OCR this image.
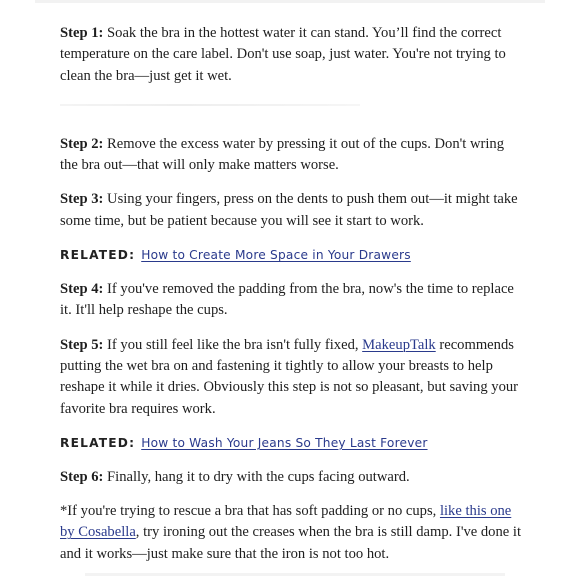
Step 1: Soak the bra in the hottest water it can stand. You’ll find the correct temperature on the care label. Don't use soap, just water. You're not trying to clean the bra—just get it wet.

Step 2: Remove the excess water by pressing it out of the cups. Don't wring the bra out—that will only make matters worse.

Step 3: Using your fingers, press on the dents to push them out—it might take some time, but be patient because you will see it start to work.

RELATED: How to Create More Space in Your Drawers

Step 4: If you've removed the padding from the bra, now's the time to replace it. It'll help reshape the cups.

Step 5: If you still feel like the bra isn't fully fixed, MakeupTalk recommends putting the wet bra on and fastening it tightly to allow your breasts to help reshape it while it dries. Obviously this step is not so pleasant, but saving your favorite bra requires work.

RELATED: How to Wash Your Jeans So They Last Forever

Step 6: Finally, hang it to dry with the cups facing outward.

*If you're trying to rescue a bra that has soft padding or no cups, like this one by Cosabella, try ironing out the creases when the bra is still damp. I've done it and it works—just make sure that the iron is not too hot.
